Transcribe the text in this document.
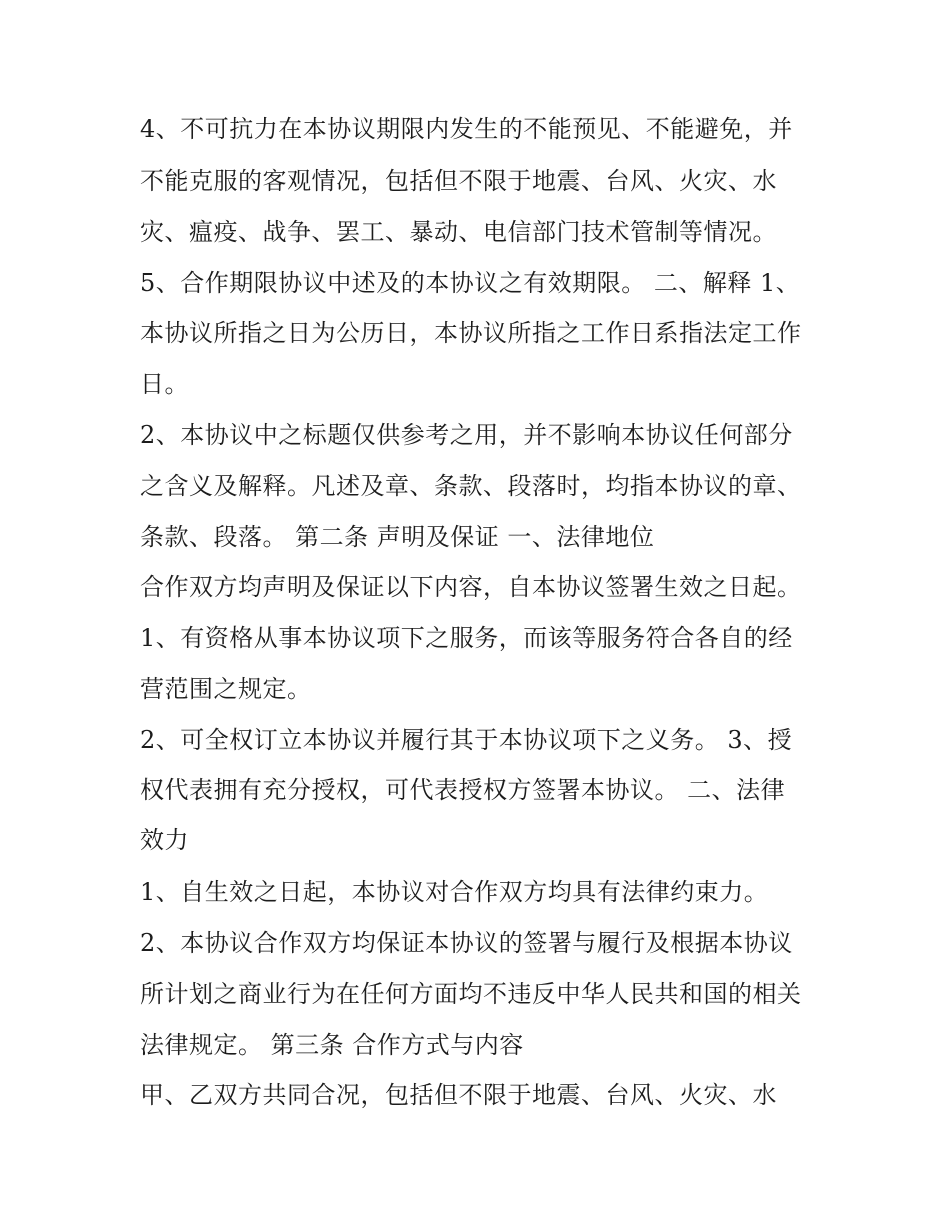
4、不可抗力在本协议期限内发生的不能预见、不能避免，并
不能克服的客观情况，包括但不限于地震、台风、火灾、水
灾、瘟疫、战争、罢工、暴动、电信部门技术管制等情况。
5、合作期限协议中述及的本协议之有效期限。 二、解释 1、
本协议所指之日为公历日，本协议所指之工作日系指法定工作
日。
2、本协议中之标题仅供参考之用，并不影响本协议任何部分
之含义及解释。凡述及章、条款、段落时，均指本协议的章、
条款、段落。 第二条 声明及保证 一、法律地位
合作双方均声明及保证以下内容，自本协议签署生效之日起。
1、有资格从事本协议项下之服务，而该等服务符合各自的经
营范围之规定。
2、可全权订立本协议并履行其于本协议项下之义务。 3、授
权代表拥有充分授权，可代表授权方签署本协议。 二、法律
效力
1、自生效之日起，本协议对合作双方均具有法律约束力。
2、本协议合作双方均保证本协议的签署与履行及根据本协议
所计划之商业行为在任何方面均不违反中华人民共和国的相关
法律规定。 第三条 合作方式与内容
甲、乙双方共同合况，包括但不限于地震、台风、火灾、水
